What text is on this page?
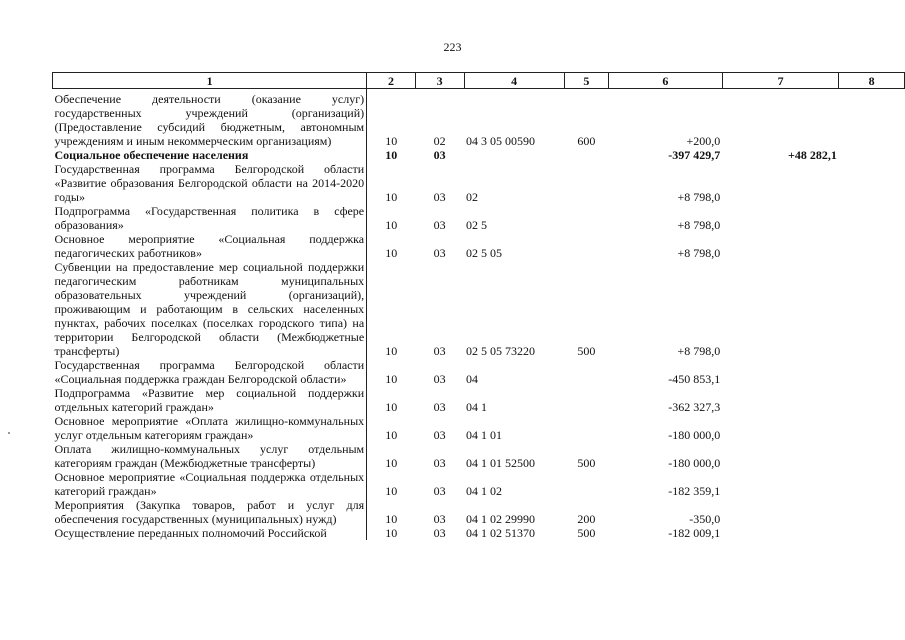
223
1	2	3	4	5	6	7	8
Обеспечение деятельности (оказание услуг) государственных учреждений (организаций) (Предоставление субсидий бюджетным, автономным учреждениям и иным некоммерческим организациям)	10	02	04 3 05 00590	600	+200,0		
Социальное обеспечение населения	10	03			-397 429,7	+48 282,1	
Государственная программа Белгородской области «Развитие образования Белгородской области на 2014-2020 годы»	10	03	02		+8 798,0		
Подпрограмма «Государственная политика в сфере образования»	10	03	02 5		+8 798,0		
Основное мероприятие «Социальная поддержка педагогических работников»	10	03	02 5 05		+8 798,0		
Субвенции на предоставление мер социальной поддержки педагогическим работникам муниципальных образовательных учреждений (организаций), проживающим и работающим в сельских населенных пунктах, рабочих поселках (поселках городского типа) на территории Белгородской области (Межбюджетные трансферты)	10	03	02 5 05 73220	500	+8 798,0		
Государственная программа Белгородской области «Социальная поддержка граждан Белгородской области»	10	03	04		-450 853,1		
Подпрограмма «Развитие мер социальной поддержки отдельных категорий граждан»	10	03	04 1		-362 327,3		
Основное мероприятие «Оплата жилищно-коммунальных услуг отдельным категориям граждан»	10	03	04 1 01		-180 000,0		
Оплата жилищно-коммунальных услуг отдельным категориям граждан (Межбюджетные трансферты)	10	03	04 1 01 52500	500	-180 000,0		
Основное мероприятие «Социальная поддержка отдельных категорий граждан»	10	03	04 1 02		-182 359,1		
Мероприятия (Закупка товаров, работ и услуг для обеспечения государственных (муниципальных) нужд)	10	03	04 1 02 29990	200	-350,0		
Осуществление переданных полномочий Российской	10	03	04 1 02 51370	500	-182 009,1		
